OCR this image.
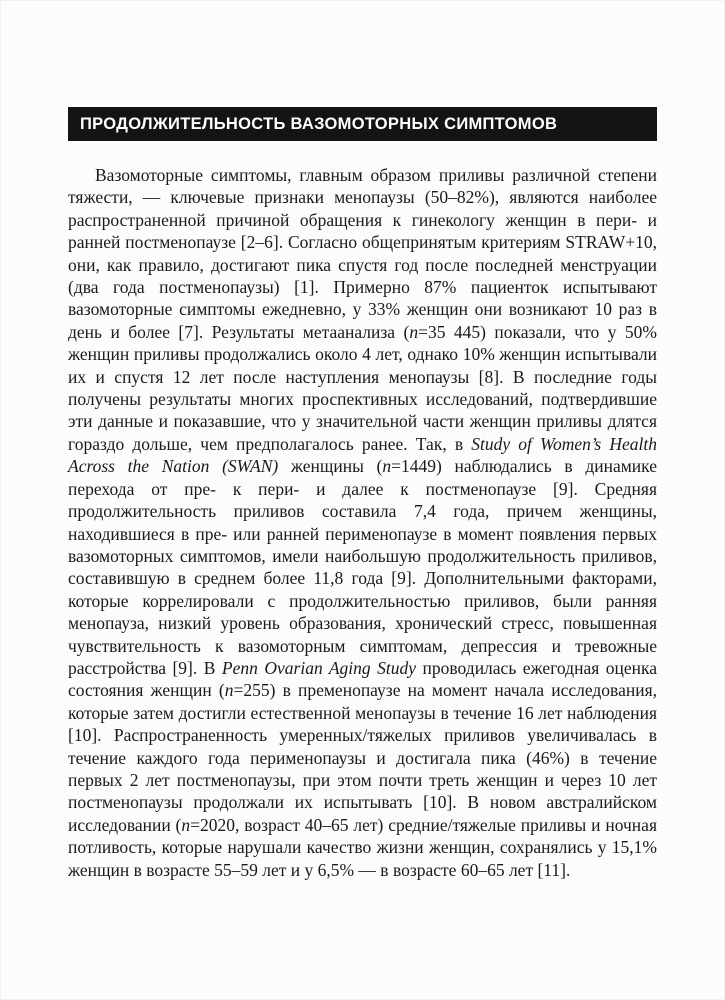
ПРОДОЛЖИТЕЛЬНОСТЬ ВАЗОМОТОРНЫХ СИМПТОМОВ

Вазомоторные симптомы, главным образом приливы различной степени тяжести, — ключевые признаки менопаузы (50–82%), являются наиболее распространенной причиной обращения к гинекологу женщин в пери- и ранней постменопаузе [2–6]. Согласно общепринятым критериям STRAW+10, они, как правило, достигают пика спустя год после последней менструации (два года постменопаузы) [1]. Примерно 87% пациенток испытывают вазомоторные симптомы ежедневно, у 33% женщин они возникают 10 раз в день и более [7]. Результаты метаанализа (n=35 445) показали, что у 50% женщин приливы продолжались около 4 лет, однако 10% женщин испытывали их и спустя 12 лет после наступления менопаузы [8]. В последние годы получены результаты многих проспективных исследований, подтвердившие эти данные и показавшие, что у значительной части женщин приливы длятся гораздо дольше, чем предполагалось ранее. Так, в Study of Women’s Health Across the Nation (SWAN) женщины (n=1449) наблюдались в динамике перехода от пре- к пери- и далее к постменопаузе [9]. Средняя продолжительность приливов составила 7,4 года, причем женщины, находившиеся в пре- или ранней перименопаузе в момент появления первых вазомоторных симптомов, имели наибольшую продолжительность приливов, составившую в среднем более 11,8 года [9]. Дополнительными факторами, которые коррелировали с продолжительностью приливов, были ранняя менопауза, низкий уровень образования, хронический стресс, повышенная чувствительность к вазомоторным симптомам, депрессия и тревожные расстройства [9]. В Penn Ovarian Aging Study проводилась ежегодная оценка состояния женщин (n=255) в пременопаузе на момент начала исследования, которые затем достигли естественной менопаузы в течение 16 лет наблюдения [10]. Распространенность умеренных/тяжелых приливов увеличивалась в течение каждого года перименопаузы и достигала пика (46%) в течение первых 2 лет постменопаузы, при этом почти треть женщин и через 10 лет постменопаузы продолжали их испытывать [10]. В новом австралийском исследовании (n=2020, возраст 40–65 лет) средние/тяжелые приливы и ночная потливость, которые нарушали качество жизни женщин, сохранялись у 15,1% женщин в возрасте 55–59 лет и у 6,5% — в возрасте 60–65 лет [11].
